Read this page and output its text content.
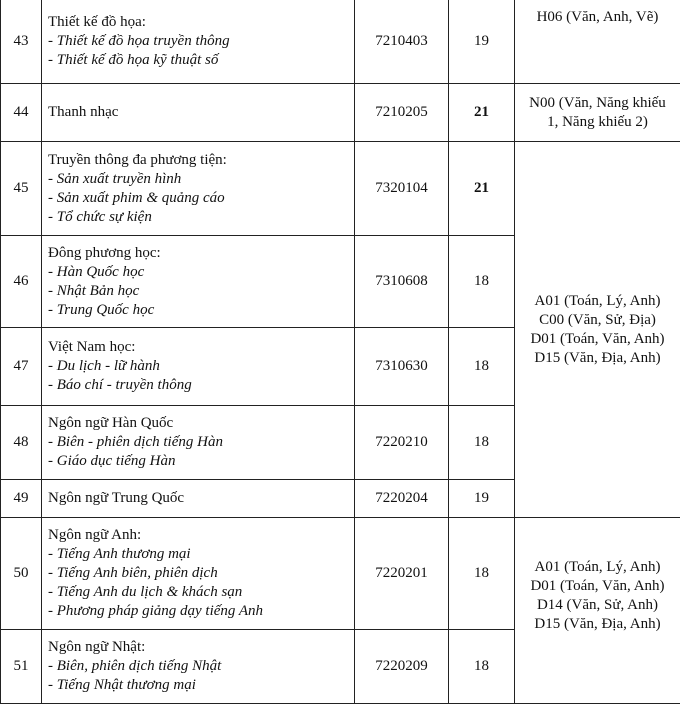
43	Thiết kế đồ họa:
- Thiết kế đồ họa truyền thông
- Thiết kế đồ họa kỹ thuật số	7210403	19	H06 (Văn, Anh, Vẽ)

44	Thanh nhạc	7210205	21	N00 (Văn, Năng khiếu
1, Năng khiếu 2)

45	Truyền thông đa phương tiện:
- Sản xuất truyền hình
- Sản xuất phim & quảng cáo
- Tổ chức sự kiện	7320104	21	A01 (Toán, Lý, Anh)
C00 (Văn, Sử, Địa)
D01 (Toán, Văn, Anh)
D15 (Văn, Địa, Anh)

46	Đông phương học:
- Hàn Quốc học
- Nhật Bản học
- Trung Quốc học	7310608	18	
47	Việt Nam học:
- Du lịch - lữ hành
- Báo chí - truyền thông	7310630	18	
48	Ngôn ngữ Hàn Quốc
- Biên - phiên dịch tiếng Hàn
- Giáo dục tiếng Hàn	7220210	18	
49	Ngôn ngữ Trung Quốc	7220204	19	
50	Ngôn ngữ Anh:
- Tiếng Anh thương mại
- Tiếng Anh biên, phiên dịch
- Tiếng Anh du lịch & khách sạn
- Phương pháp giảng dạy tiếng Anh	7220201	18	A01 (Toán, Lý, Anh)
D01 (Toán, Văn, Anh)
D14 (Văn, Sử, Anh)
D15 (Văn, Địa, Anh)

51	Ngôn ngữ Nhật:
- Biên, phiên dịch tiếng Nhật
- Tiếng Nhật thương mại	7220209	18	
